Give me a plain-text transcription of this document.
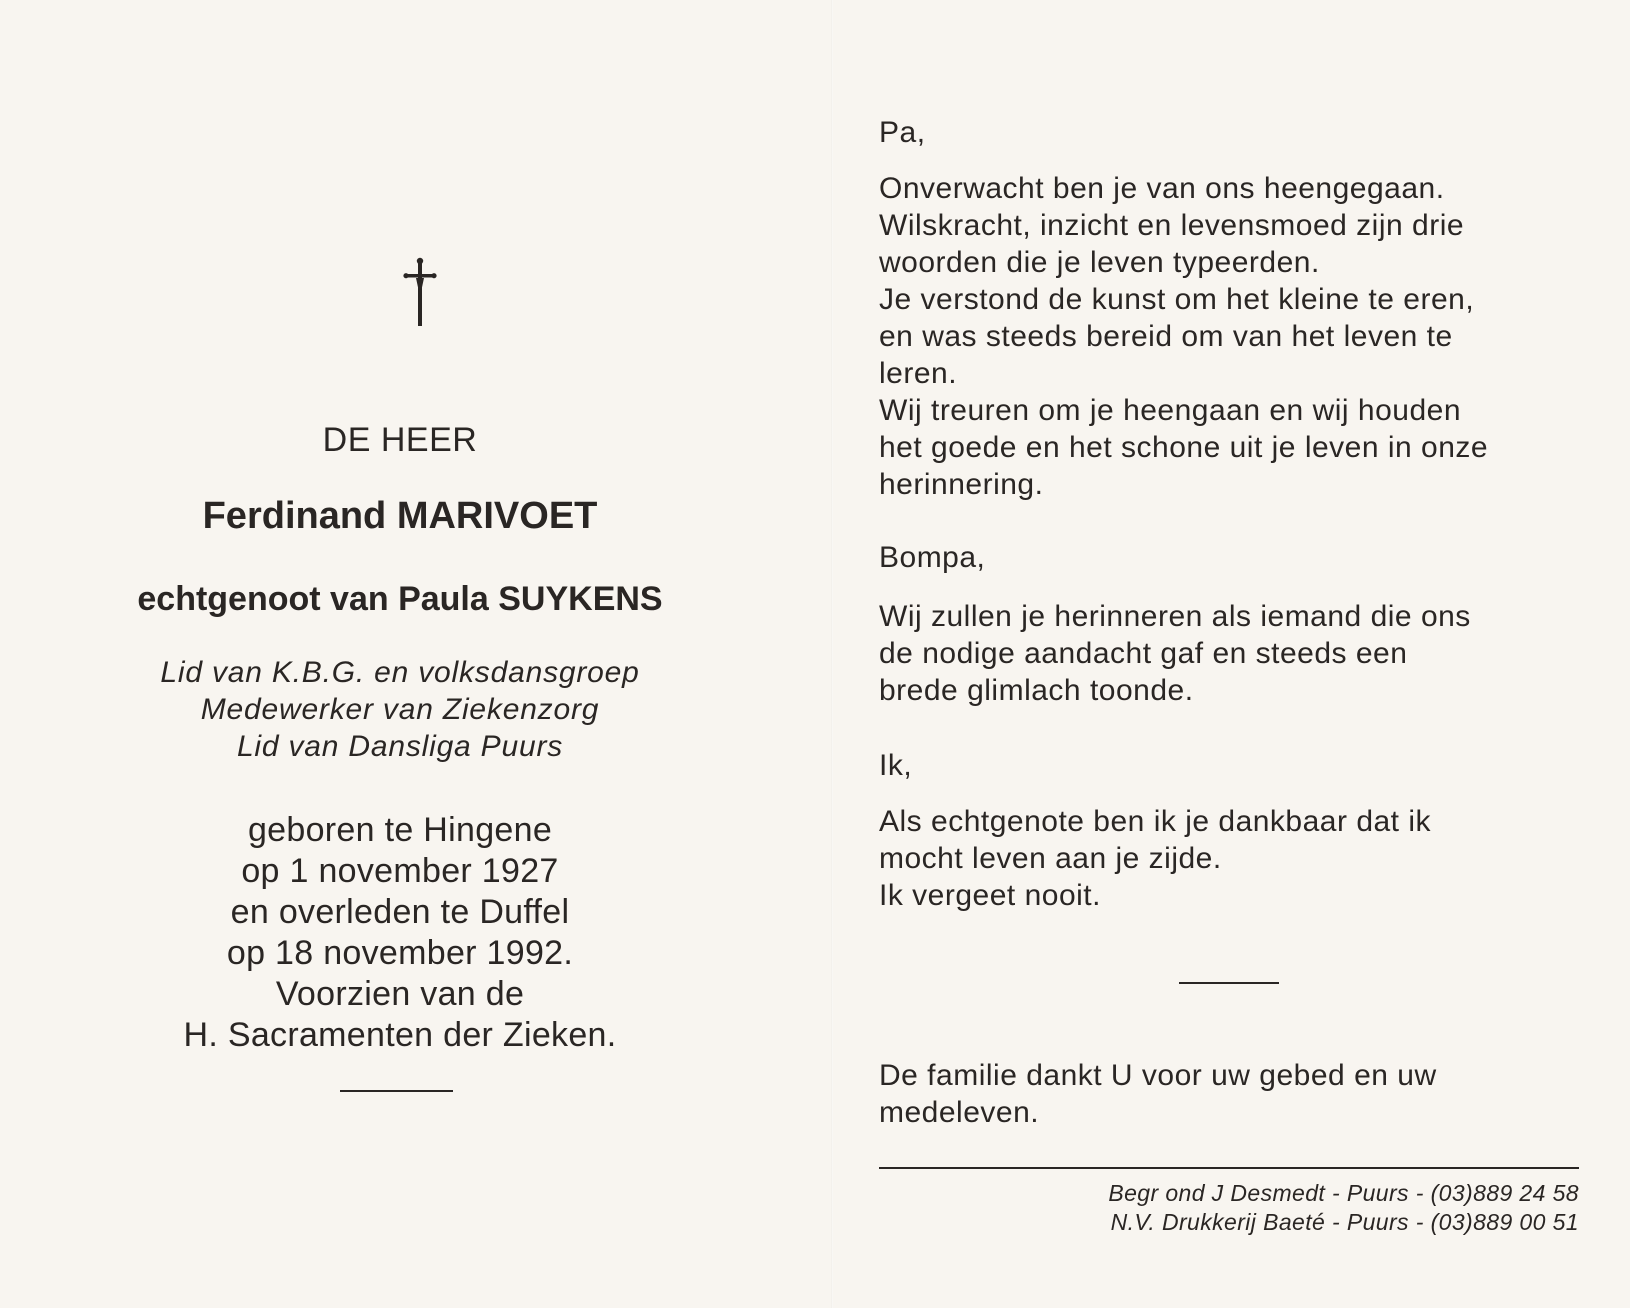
DE HEER
Ferdinand MARIVOET
echtgenoot van Paula SUYKENS
Lid van K.B.G. en volksdansgroep
Medewerker van Ziekenzorg
Lid van Dansliga Puurs
geboren te Hingene
op 1 november 1927
en overleden te Duffel
op 18 november 1992.
Voorzien van de
H. Sacramenten der Zieken.
Pa,
Onverwacht ben je van ons heengegaan.
Wilskracht, inzicht en levensmoed zijn drie
woorden die je leven typeerden.
Je verstond de kunst om het kleine te eren,
en was steeds bereid om van het leven te
leren.
Wij treuren om je heengaan en wij houden
het goede en het schone uit je leven in onze
herinnering.
Bompa,
Wij zullen je herinneren als iemand die ons
de nodige aandacht gaf en steeds een
brede glimlach toonde.
Ik,
Als echtgenote ben ik je dankbaar dat ik
mocht leven aan je zijde.
Ik vergeet nooit.
De familie dankt U voor uw gebed en uw
medeleven.
Begr ond J Desmedt - Puurs - (03)889 24 58
N.V. Drukkerij Baeté - Puurs - (03)889 00 51
